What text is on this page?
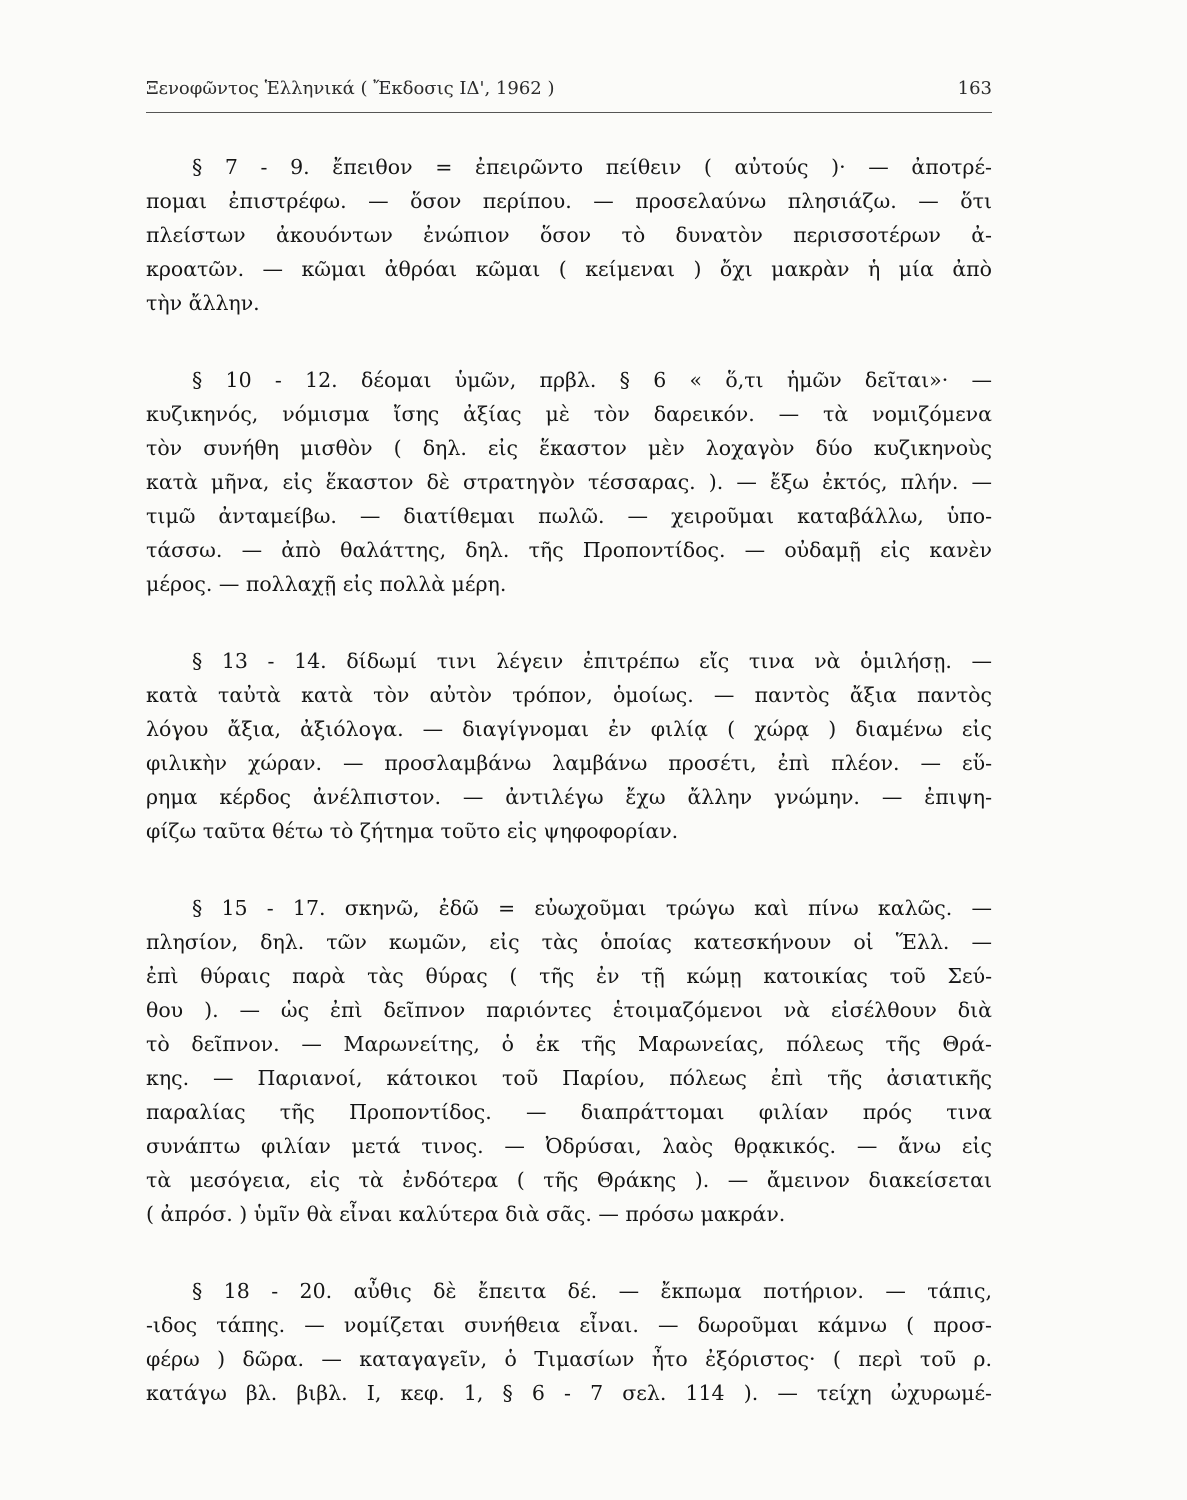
Ξενοφῶντος Ἑλληνικά ( Ἔκδοσις ΙΔ', 1962 )	163
§ 7 - 9. ἔπειθον = ἐπειρῶντο πείθειν ( αὐτούς )· — ἀποτρέ-
πομαι ἐπιστρέφω. — ὅσον περίπου. — προσελαύνω πλησιάζω. — ὅτι
πλείστων ἀκουόντων ἐνώπιον ὅσον τὸ δυνατὸν περισσοτέρων ἀ-
κροατῶν. — κῶμαι ἀθρόαι κῶμαι ( κείμεναι ) ὄχι μακρὰν ἡ μία ἀπὸ
τὴν ἄλλην.
§ 10 - 12. δέομαι ὑμῶν, πρβλ. § 6 « ὅ,τι ἡμῶν δεῖται»· —
κυζικηνός, νόμισμα ἴσης ἀξίας μὲ τὸν δαρεικόν. — τὰ νομιζόμενα
τὸν συνήθη μισθὸν ( δηλ. εἰς ἕκαστον μὲν λοχαγὸν δύο κυζικηνοὺς
κατὰ μῆνα, εἰς ἕκαστον δὲ στρατηγὸν τέσσαρας. ). — ἔξω ἐκτός, πλήν. —
τιμῶ ἀνταμείβω. — διατίθεμαι πωλῶ. — χειροῦμαι καταβάλλω, ὑπο-
τάσσω. — ἀπὸ θαλάττης, δηλ. τῆς Προποντίδος. — οὐδαμῇ εἰς κανὲν
μέρος. — πολλαχῇ εἰς πολλὰ μέρη.
§ 13 - 14. δίδωμί τινι λέγειν ἐπιτρέπω εἴς τινα νὰ ὁμιλήσῃ. —
κατὰ ταὐτὰ κατὰ τὸν αὐτὸν τρόπον, ὁμοίως. — παντὸς ἄξια παντὸς
λόγου ἄξια, ἀξιόλογα. — διαγίγνομαι ἐν φιλίᾳ ( χώρᾳ ) διαμένω εἰς
φιλικὴν χώραν. — προσλαμβάνω λαμβάνω προσέτι, ἐπὶ πλέον. — εὕ-
ρημα κέρδος ἀνέλπιστον. — ἀντιλέγω ἔχω ἄλλην γνώμην. — ἐπιψη-
φίζω ταῦτα θέτω τὸ ζήτημα τοῦτο εἰς ψηφοφορίαν.
§ 15 - 17. σκηνῶ, ἐδῶ = εὐωχοῦμαι τρώγω καὶ πίνω καλῶς. —
πλησίον, δηλ. τῶν κωμῶν, εἰς τὰς ὁποίας κατεσκήνουν οἱ Ἕλλ. —
ἐπὶ θύραις παρὰ τὰς θύρας ( τῆς ἐν τῇ κώμῃ κατοικίας τοῦ Σεύ-
θου ). — ὡς ἐπὶ δεῖπνον παριόντες ἑτοιμαζόμενοι νὰ εἰσέλθουν διὰ
τὸ δεῖπνον. — Μαρωνείτης, ὁ ἐκ τῆς Μαρωνείας, πόλεως τῆς Θρά-
κης. — Παριανοί, κάτοικοι τοῦ Παρίου, πόλεως ἐπὶ τῆς ἀσιατικῆς
παραλίας τῆς Προποντίδος. — διαπράττομαι φιλίαν πρός τινα
συνάπτω φιλίαν μετά τινος. — Ὀδρύσαι, λαὸς θρᾳκικός. — ἄνω εἰς
τὰ μεσόγεια, εἰς τὰ ἐνδότερα ( τῆς Θράκης ). — ἄμεινον διακείσεται
( ἀπρόσ. ) ὑμῖν θὰ εἶναι καλύτερα διὰ σᾶς. — πρόσω μακράν.
§ 18 - 20. αὖθις δὲ ἔπειτα δέ. — ἔκπωμα ποτήριον. — τάπις,
-ιδος τάπης. — νομίζεται συνήθεια εἶναι. — δωροῦμαι κάμνω ( προσ-
φέρω ) δῶρα. — καταγαγεῖν, ὁ Τιμασίων ἦτο ἐξόριστος· ( περὶ τοῦ ρ.
κατάγω βλ. βιβλ. Ι, κεφ. 1, § 6 - 7 σελ. 114 ). — τείχη ὠχυρωμέ-
